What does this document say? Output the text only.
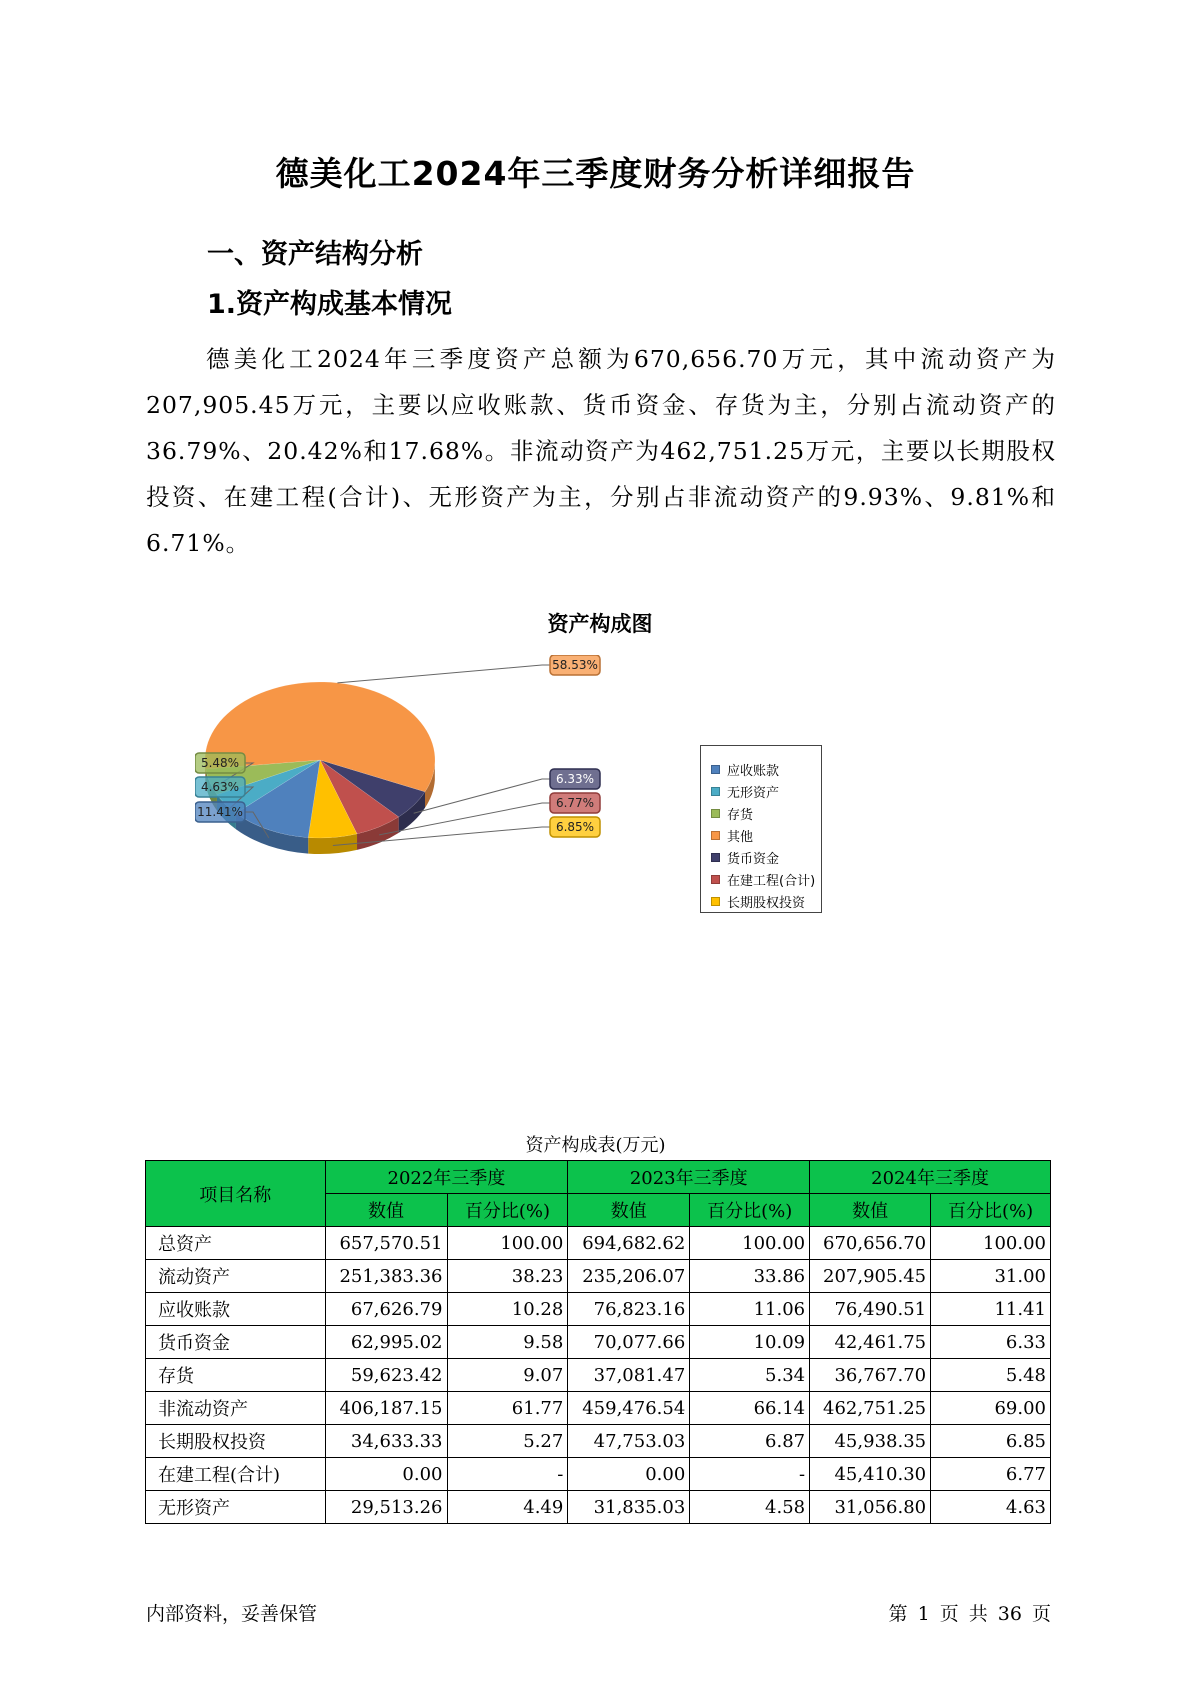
德美化工2024年三季度财务分析详细报告
一、资产结构分析
1.资产构成基本情况

德美化工2024年三季度资产总额为670,656.70万元，其中流动资产为207,905.45万元，主要以应收账款、货币资金、存货为主，分别占流动资产的36.79%、20.42%和17.68%。非流动资产为462,751.25万元，主要以长期股权投资、在建工程(合计)、无形资产为主，分别占非流动资产的9.93%、9.81%和6.71%。

资产构成图
6.33%
6.77%
6.85%
11.41%
4.63%
5.48%
58.53%
应收账款
无形资产
存货
其他
货币资金
在建工程(合计)
长期股权投资
资产构成表(万元)
项目名称	2022年三季度		2023年三季度		2024年三季度	
	数值	百分比(%)	数值	百分比(%)	数值	百分比(%)
总资产	657,570.51	100.00	694,682.62	100.00	670,656.70	100.00
流动资产	251,383.36	38.23	235,206.07	33.86	207,905.45	31.00
应收账款	67,626.79	10.28	76,823.16	11.06	76,490.51	11.41
货币资金	62,995.02	9.58	70,077.66	10.09	42,461.75	6.33
存货	59,623.42	9.07	37,081.47	5.34	36,767.70	5.48
非流动资产	406,187.15	61.77	459,476.54	66.14	462,751.25	69.00
长期股权投资	34,633.33	5.27	47,753.03	6.87	45,938.35	6.85
在建工程(合计)	0.00	-	0.00	-	45,410.30	6.77
无形资产	29,513.26	4.49	31,835.03	4.58	31,056.80	4.63
内部资料，妥善保管	第 1 页 共 36 页
